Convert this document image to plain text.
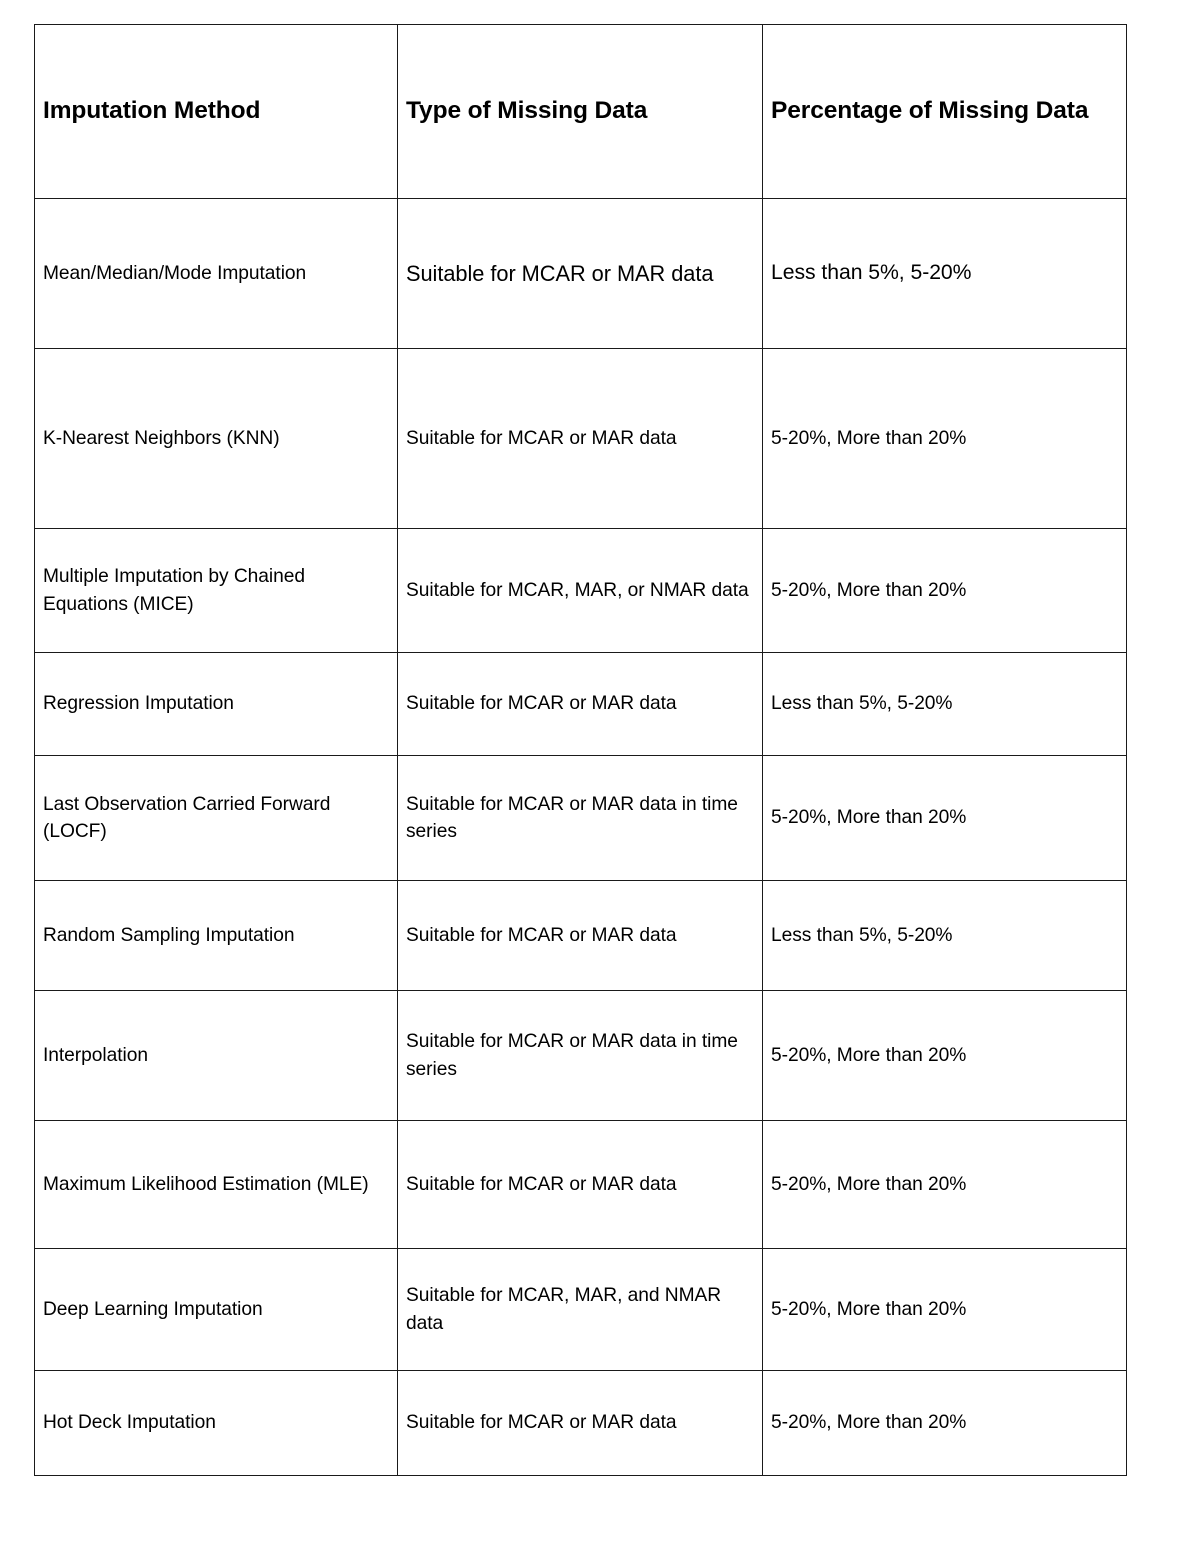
Imputation Method	Type of Missing Data	Percentage of Missing Data
Mean/Median/Mode Imputation	Suitable for MCAR or MAR data	Less than 5%, 5-20%
K-Nearest Neighbors (KNN)	Suitable for MCAR or MAR data	5-20%, More than 20%
Multiple Imputation by Chained Equations (MICE)	Suitable for MCAR, MAR, or NMAR data	5-20%, More than 20%
Regression Imputation	Suitable for MCAR or MAR data	Less than 5%, 5-20%
Last Observation Carried Forward (LOCF)	Suitable for MCAR or MAR data in time series	5-20%, More than 20%
Random Sampling Imputation	Suitable for MCAR or MAR data	Less than 5%, 5-20%
Interpolation	Suitable for MCAR or MAR data in time series	5-20%, More than 20%
Maximum Likelihood Estimation (MLE)	Suitable for MCAR or MAR data	5-20%, More than 20%
Deep Learning Imputation	Suitable for MCAR, MAR, and NMAR data	5-20%, More than 20%
Hot Deck Imputation	Suitable for MCAR or MAR data	5-20%, More than 20%
